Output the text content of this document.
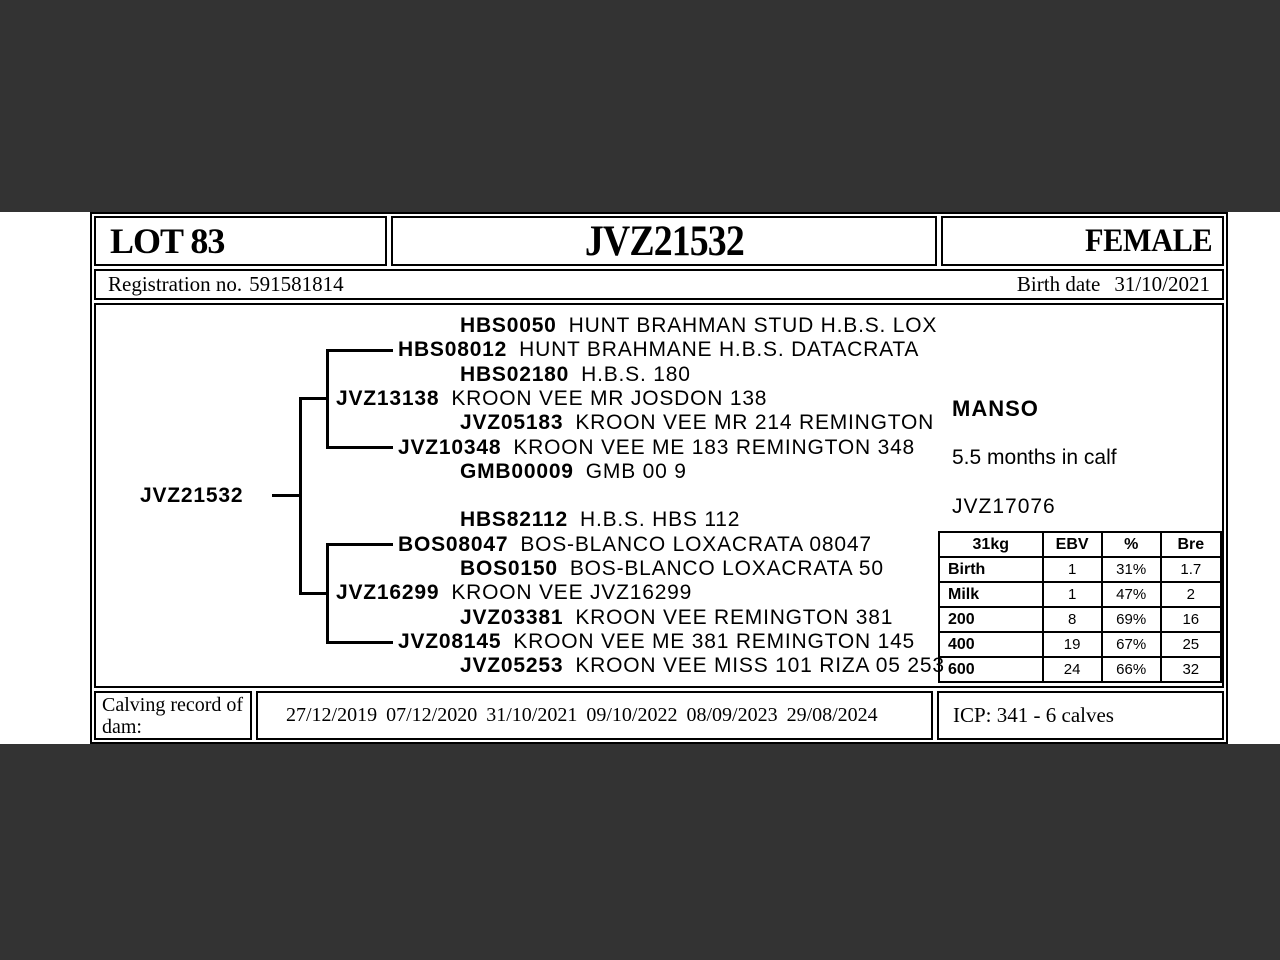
LOT 83	JVZ21532	FEMALE
Registration no. 591581814	Birth date 31/10/2021
JVZ21532
JVZ13138 KROON VEE MR JOSDON 138
JVZ16299 KROON VEE JVZ16299
HBS08012 HUNT BRAHMANE H.B.S. DATACRATA
JVZ10348 KROON VEE ME 183 REMINGTON 348
BOS08047 BOS-BLANCO LOXACRATA 08047
JVZ08145 KROON VEE ME 381 REMINGTON 145
HBS0050 HUNT BRAHMAN STUD H.B.S. LOX
HBS02180 H.B.S. 180
JVZ05183 KROON VEE MR 214 REMINGTON
GMB00009 GMB 00 9
HBS82112 H.B.S. HBS 112
BOS0150 BOS-BLANCO LOXACRATA 50
JVZ03381 KROON VEE REMINGTON 381
JVZ05253 KROON VEE MISS 101 RIZA 05 253
MANSO
5.5 months in calf
JVZ17076
31kg	EBV	%	Bre
Birth	1	31%	1.7
Milk	1	47%	2
200	8	69%	16
400	19	67%	25
600	24	66%	32
Calving record of dam:
27/12/2019 07/12/2020 31/10/2021 09/10/2022 08/09/2023 29/08/2024	ICP: 341 - 6 calves
